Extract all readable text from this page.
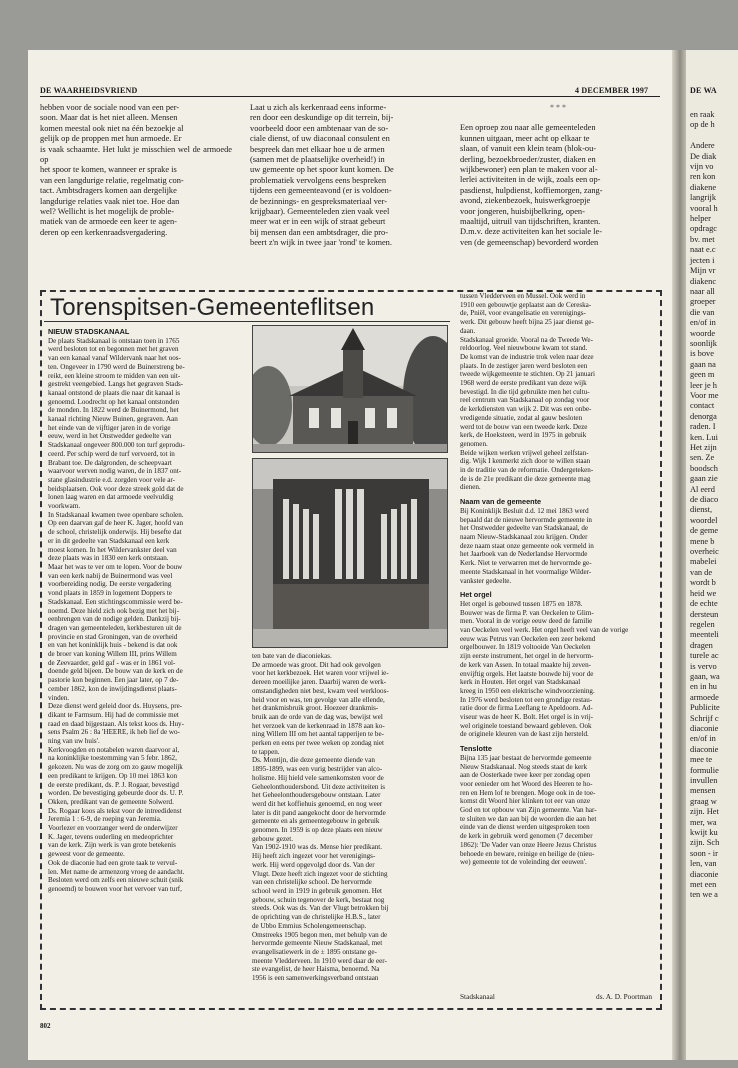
DE WA

en raak

op de h

Andere

De diak

vijn vo

ren kon

diakene

langrijk

vooral h

helper

opdragc

bv. met

naat e.c

jecten i

Mijn vr

diakenc

naar all

groeper

die van

en/of in

woorde

soonlijk

is bove

gaan na

geen m

leer je h

Voor me

contact

denorga

raden. I

ken. Lui

Het zijn

sen. Ze

boodsch

gaan zie

Al eerd

de diaco

dienst,

woordel

de geme

mene b

overheic

mabelei

van de

wordt b

heid we

de echte

dersteun

regelen

meenteli

dragen

turele ac

is vervo

gaan, wa

en in hu

armoede

Publicite

Schrijf c

diaconie

en/of in

diaconie

mee te

formulie

invullen

mensen

graag w

zijn. Het

mer, wa

kwijt ku

zijn. Sch

soon - ir

len, van

diaconie

met een

ten we a

DE WAARHEIDSVRIEND	4 DECEMBER 1997

hebben voor de sociale nood van een per-

soon. Maar dat is het niet alleen. Mensen

komen meestal ook niet na één bezoekje al

gelijk op de proppen met hun armoede. Er

is vaak schaamte. Het lukt je misschien wel de armoede op

het spoor te komen, wanneer er sprake is

van een langdurige relatie, regelmatig con-

tact. Ambtsdragers komen aan dergelijke

langdurige relaties vaak niet toe. Hoe dan

wel? Wellicht is het mogelijk de proble-

matiek van de armoede een keer te agen-

deren op een kerkenraadsvergadering.

Laat u zich als kerkenraad eens informe-

ren door een deskundige op dit terrein, bij-

voorbeeld door een ambtenaar van de so-

ciale dienst, of uw diaconaal consulent en

bespreek dan met elkaar hoe u de armen

(samen met de plaatselijke overheid!) in

uw gemeente op het spoor kunt komen. De

problematiek vervolgens eens bespreken

tijdens een gemeenteavond (er is voldoen-

de bezinnings- en gespreksmateriaal ver-

krijgbaar). Gemeenteleden zien vaak veel

meer wat er in een wijk of straat gebeurt

bij mensen dan een ambtsdrager, die pro-

beert z'n wijk in twee jaar 'rond' te komen.

* * *

Een oproep zou naar alle gemeenteleden

kunnen uitgaan, meer acht op elkaar te

slaan, of vanuit een klein team (blok-ou-

derling, bezoekbroeder/zuster, diaken en

wijkbewoner) een plan te maken voor al-

lerlei activiteiten in de wijk, zoals een op-

pasdienst, hulpdienst, koffiemorgen, zang-

avond, ziekenbezoek, huiswerkgroepje

voor jongeren, huisbijbelkring, open-

maaltijd, uitruil van tijdschriften, kranten.

D.m.v. deze activiteiten kan het sociale le-

ven (de gemeenschap) bevorderd worden

Torenspitsen-Gemeenteflitsen
NIEUW STADSKANAAL

De plaats Stadskanaal is ontstaan toen in 1765

werd besloten tot en begonnen met het graven

van een kanaal vanaf Wildervank naar het oos-

ten. Ongeveer in 1790 werd de Buinerstreng be-

reikt, een kleine stroom te midden van een uit-

gestrekt veengebied. Langs het gegraven Stads-

kanaal ontstond de plaats die naar dit kanaal is

genoemd. Loodrecht op het kanaal ontstonden

de monden. In 1822 werd de Buinermond, het

kanaal richting Nieuw Buinen, gegraven. Aan

het einde van de vijftiger jaren in de vorige

eeuw, werd in het Onstwedder gedeelte van

Stadskanaal ongeveer 800.000 ton turf geprodu-

ceerd. Per schip werd de turf vervoerd, tot in

Brabant toe. De dalgronden, de scheepvaart

waarvoor werven nodig waren, de in 1837 ont-

stane glasindustrie e.d. zorgden voor vele ar-

beidsplaatsen. Ook voor deze streek gold dat de

lonen laag waren en dat armoede veelvuldig

voorkwam.

In Stadskanaal kwamen twee openbare scholen.

Op een daarvan gaf de heer K. Jager, hoofd van

de school, christelijk onderwijs. Hij besefte dat

er in dit gedeelte van Stadskanaal een kerk

moest komen. In het Wildervankster deel van

deze plaats was in 1830 een kerk ontstaan.

Maar het was te ver om te lopen. Voor de bouw

van een kerk nabij de Buinermond was veel

voorbereiding nodig. De eerste vergadering

vond plaats in 1859 in logement Doppers te

Stadskanaal. Een stichtingscommissie werd be-

noemd. Deze hield zich ook bezig met het bij-

eenbrengen van de nodige gelden. Dankzij bij-

dragen van gemeenteleden, kerkbesturen uit de

provincie en stad Groningen, van de overheid

en van het koninklijk huis - bekend is dat ook

de broer van koning Willem III, prins Willem

de Zeevaarder, geld gaf - was er in 1861 vol-

doende geld bijeen. De bouw van de kerk en de

pastorie kon beginnen. Een jaar later, op 7 de-

cember 1862, kon de inwijdingsdienst plaats-

vinden.

Deze dienst werd geleid door ds. Huysens, pre-

dikant te Farmsum. Hij had de commissie met

raad en daad bijgestaan. Als tekst koos ds. Huy-

sens Psalm 26 : 8a 'HEERE, ik heb lief de wo-

ning van uw huis'.

Kerkvoogden en notabelen waren daarvoor al,

na koninklijke toestemming van 5 febr. 1862,

gekozen. Nu was de zorg om zo gauw mogelijk

een predikant te krijgen. Op 10 mei 1863 kon

de eerste predikant, ds. P. J. Rogaar, bevestigd

worden. De bevestiging gebeurde door ds. U. P.

Okken, predikant van de gemeente Solwerd.

Ds. Rogaar koos als tekst voor de intreedidenst

Jeremia 1 : 6-9, de roeping van Jeremia.

Voorlezer en voorzanger werd de onderwijzer

K. Jager, tevens ouderling en medeoprichter

van de kerk. Zijn werk is van grote betekenis

geweest voor de gemeente.

Ook de diaconie had een grote taak te vervul-

len. Met name de armenzorg vroeg de aandacht.

Besloten werd om zelfs een nieuwe schuit (snik

genoemd) te bouwen voor het vervoer van turf,

ten bate van de diaconiekas.

De armoede was groot. Dit had ook gevolgen

voor het kerkbezoek. Het waren voor vrijwel ie-

dereen moeilijke jaren. Daarbij waren de werk-

omstandigheden niet best, kwam veel werkloos-

heid voor en was, ten gevolge van alle ellende,

het drankmisbruik groot. Hoezeer drankmis-

bruik aan de orde van de dag was, bewijst wel

het verzoek van de kerkenraad in 1878 aan ko-

ning Willem III om het aantal tapperijen te be-

perken en eens per twee weken op zondag niet

te tappen.

Ds. Montijn, die deze gemeente diende van

1895-1899, was een vurig bestrijder van alco-

holisme. Hij hield vele samenkomsten voor de

Geheelonthoudersbond. Uit deze activiteiten is

het Geheelonthoudersgebouw ontstaan. Later

werd dit het koffiehuis genoemd, en nog weer

later is dit pand aangekocht door de hervormde

gemeente en als gemeentegebouw in gebruik

genomen. In 1959 is op deze plaats een nieuw

gebouw gezet.

Van 1902-1910 was ds. Mense hier predikant.

Hij heeft zich ingezet voor het verenigings-

werk. Hij werd opgevolgd door ds. Van der

Vlugt. Deze heeft zich ingezet voor de stichting

van een christelijke school. De hervormde

school werd in 1919 in gebruik genomen. Het

gebouw, schuin tegenover de kerk, bestaat nog

steeds. Ook was ds. Van der Vlugt betrokken bij

de oprichting van de christelijke H.B.S., later

de Ubbo Emmius Scholengemeenschap.

Omstreeks 1905 begon men, met behulp van de

hervormde gemeente Nieuw Stadskanaal, met

evangelisatiewerk in de ± 1895 ontstane ge-

meente Vledderveen. In 1910 werd daar de eer-

ste evangelist, de heer Haisma, benoemd. Na

1956 is een samenwerkingsverband ontstaan

tussen Vledderveen en Mussel. Ook werd in

1910 een gebouwtje geplaatst aan de Cereska-

de, Pniël, voor evangelisatie en verenigings-

werk. Dit gebouw heeft bijna 25 jaar dienst ge-

daan.

Stadskanaal groeide. Vooral na de Tweede We-

reldoorlog. Veel nieuwbouw kwam tot stand.

De komst van de industrie trok velen naar deze

plaats. In de zestiger jaren werd besloten een

tweede wijkgemeente te stichten. Op 21 januari

1968 werd de eerste predikant van deze wijk

bevestigd. In die tijd gebruikte men het cultu-

reel centrum van Stadskanaal op zondag voor

de kerkdiensten van wijk 2. Dit was een onbe-

vredigende situatie, zodat al gauw besloten

werd tot de bouw van een tweede kerk. Deze

kerk, de Hoeksteen, werd in 1975 in gebruik

genomen.

Beide wijken werken vrijwel geheel zelfstan-

dig. Wijk I kenmerkt zich door te willen staan

in de traditie van de reformatie. Ondergeteken-

de is de 21e predikant die deze gemeente mag

dienen.

Naam van de gemeente

Bij Koninklijk Besluit d.d. 12 mei 1863 werd

bepaald dat de nieuwe hervormde gemeente in

het Onstwedder gedeelte van Stadskanaal, de

naam Nieuw-Stadskanaal zou krijgen. Onder

deze naam staat onze gemeente ook vermeld in

het Jaarboek van de Nederlandse Hervormde

Kerk. Niet te verwarren met de hervormde ge-

meente Stadskanaal in het voormalige Wilder-

vankster gedeelte.

Het orgel

Het orgel is gebouwd tussen 1875 en 1878.

Bouwer was de firma P. van Oeckelen te Glim-

men. Vooral in de vorige eeuw deed de familie

van Oeckelen veel werk. Het orgel heeft veel van de vorige

eeuw was Petrus van Oeckelen een zeer bekend

orgelbouwer. In 1819 voltooide Van Oeckelen

zijn eerste instrument, het orgel in de hervorm-

de kerk van Assen. In totaal maakte hij zeven-

envijftig orgels. Het laatste bouwde hij voor de

kerk in Houten. Het orgel van Stadskanaal

kreeg in 1950 een elektrische windvoorziening.

In 1976 werd besloten tot een grondige restau-

ratie door de firma Leeflang te Apeldoorn. Ad-

viseur was de heer K. Bolt. Het orgel is in vrij-

wel originele toestand bewaard gebleven. Ook

de originele kleuren van de kast zijn hersteld.

Tenslotte

Bijna 135 jaar bestaat de hervormde gemeente

Nieuw Stadskanaal. Nog steeds staat de kerk

aan de Oosterkade twee keer per zondag open

voor eenieder om het Woord des Heeren te ho-

ren en Hem lof te brengen. Moge ook in de toe-

komst dit Woord hier klinken tot eer van onze

God en tot opbouw van Zijn gemeente. Van har-

te sluiten we dan aan bij de woorden die aan het

einde van de dienst werden uitgesproken toen

de kerk in gebruik werd genomen (7 december

1862): 'De Vader van onze Heere Jezus Christus

behoede en beware, reinige en heilige de (nieu-

we) gemeente tot de voleinding der eeuwen'.

Stadskanaal	ds. A. D. Poortman
802
